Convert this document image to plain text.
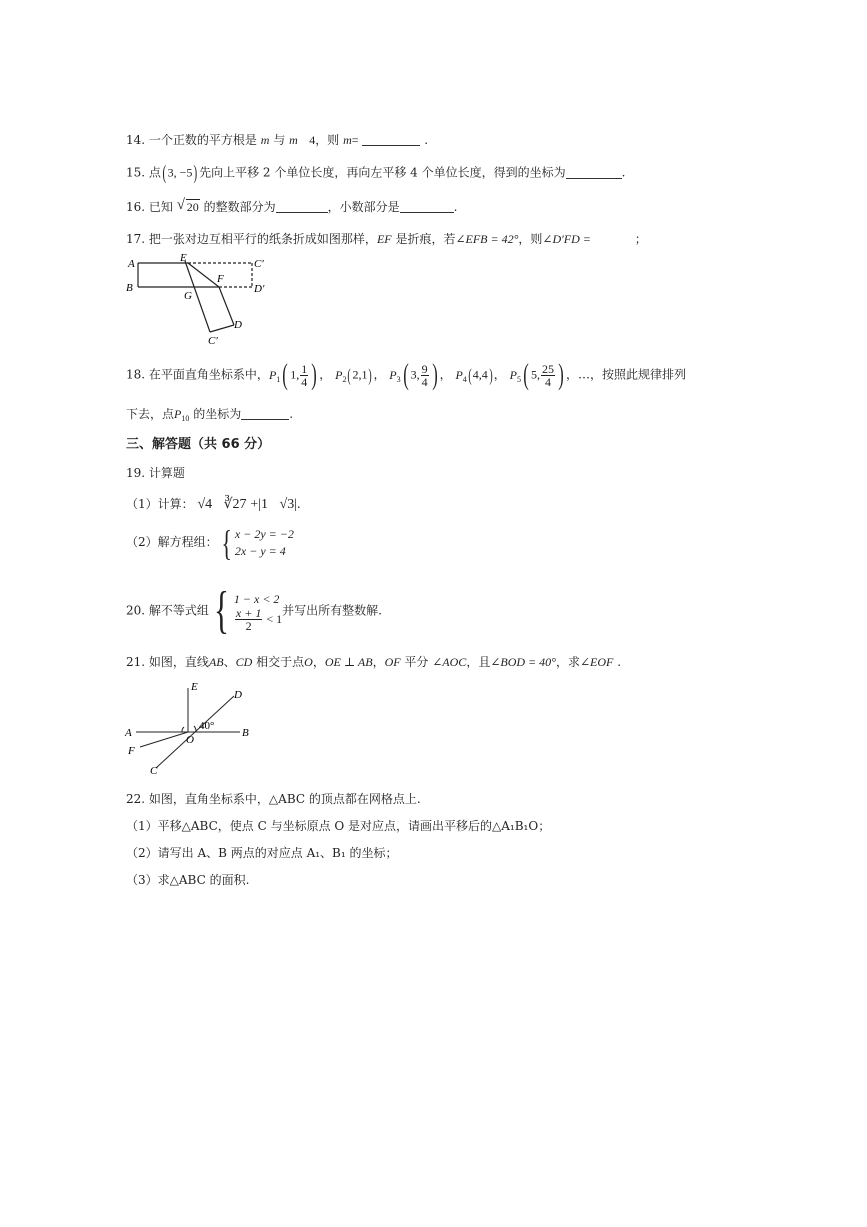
14. 一个正数的平方根是 m 与 m 4，则 m=	.
15. 点( 3, −5) 先向上平移 2 个单位长度，再向左平移 4 个单位长度，得到的坐标为	.
16. 已知 √ 20 的整数部分为	，小数部分是	.
17. 把一张对边互相平行的纸条折成如图那样，EF 是折痕，若∠EFB = 42°，则∠D′FD =	；
A
B
E
F
G
C′
D′
D
C′
18. 在平面直角坐标系中，$P_1$( 1, $\frac{1}{4}$ ) ， $P_2(2,1)$， $P_3$( 3, $\frac{9}{4}$ ) ， $P_4(4,4)$， $P_5$( 5, $\frac{25}{4}$ ) ，…，按照此规律排列
下去，点$P_{10}$ 的坐标为	.
三、解答题（共 66 分）
19. 计算题
（1）计算： √4 ∛27 +|1 √3|.
（2）解方程组：{ x − 2y = −2
2x − y = 4
20. 解不等式组{ 1 − x < 2
$\frac{x + 1}{2}$
< 1
并写出所有整数解.
21. 如图，直线AB、CD 相交于点O，OE ⊥ AB，OF 平分 ∠AOC，且∠BOD = 40°，求∠EOF .
E
D
A
O
B
F
C
40°
22. 如图，直角坐标系中，△ABC 的顶点都在网格点上.
（1）平移△ABC，使点 C 与坐标原点 O 是对应点，请画出平移后的△A₁B₁O；
（2）请写出 A、B 两点的对应点 A₁、B₁ 的坐标；
（3）求△ABC 的面积.
